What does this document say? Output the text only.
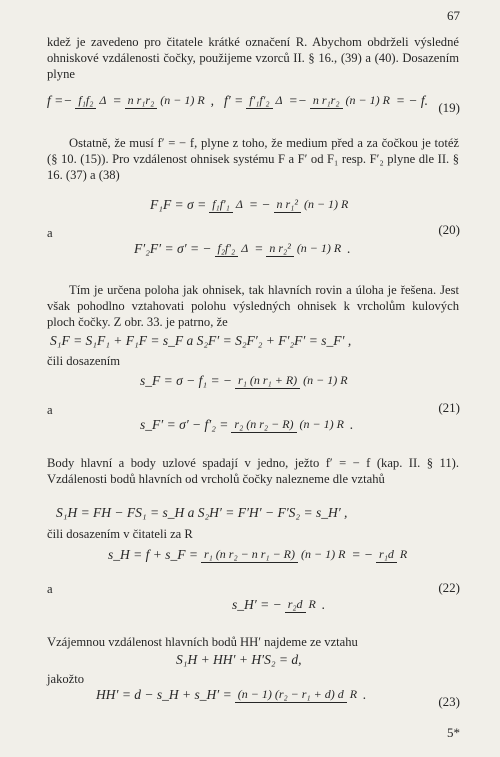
67
kdež je zavedeno pro čitatele krátké označení R. Abychom obdrželi výsledné ohniskové vzdálenosti čočky, použijeme vzorců II. § 16., (39) a (40). Dosazením plyne
f = − f₁f₂ Δ = n r₁r₂ (n − 1) R , f′ = f′₁f′₂ Δ = − n r₁r₂ (n − 1) R = − f. (19)
Ostatně, že musí f′ = − f, plyne z toho, že medium před a za čočkou je totéž (§ 10. (15)). Pro vzdálenost ohnisek systému F a F′ od F₁ resp. F′₂ plyne dle II. § 16. (37) a (38)
F₁F = σ = f₁f′₁ Δ = − n r₁² (n − 1) R
a	(20)
F′₂F′ = σ′ = − f₂f′₂ Δ = n r₂² (n − 1) R .
Tím je určena poloha jak ohnisek, tak hlavních rovin a úloha je řešena. Jest však pohodlno vztahovati polohu výsledných ohnisek k vrcholům kulových ploch čočky. Z obr. 33. je patrno, že
S₁F = S₁F₁ + F₁F = s_F a S₂F′ = S₂F′₂ + F′₂F′ = s_F′ ,
čili dosazením
s_F = σ − f₁ = − r₁ (n r₁ + R) (n − 1) R
a	(21)
s_F′ = σ′ − f′₂ = r₂ (n r₂ − R) (n − 1) R .
Body hlavní a body uzlové spadají v jedno, ježto f′ = − f (kap. II. § 11). Vzdálenosti bodů hlavních od vrcholů čočky nalezneme dle vztahů
S₁H = FH − FS₁ = s_H a S₂H′ = F′H′ − F′S₂ = s_H′ ,
čili dosazením v čitateli za R
s_H = f + s_F = r₁ (n r₂ − n r₁ − R) (n − 1) R = − r₁d R
a	(22)
s_H′ = − r₂d R .
Vzájemnou vzdálenost hlavních bodů HH′ najdeme ze vztahu
S₁H + HH′ + H′S₂ = d,
jakožto
HH′ = d − s_H + s_H′ = (n − 1) (r₂ − r₁ + d) d R .	(23)
5*
